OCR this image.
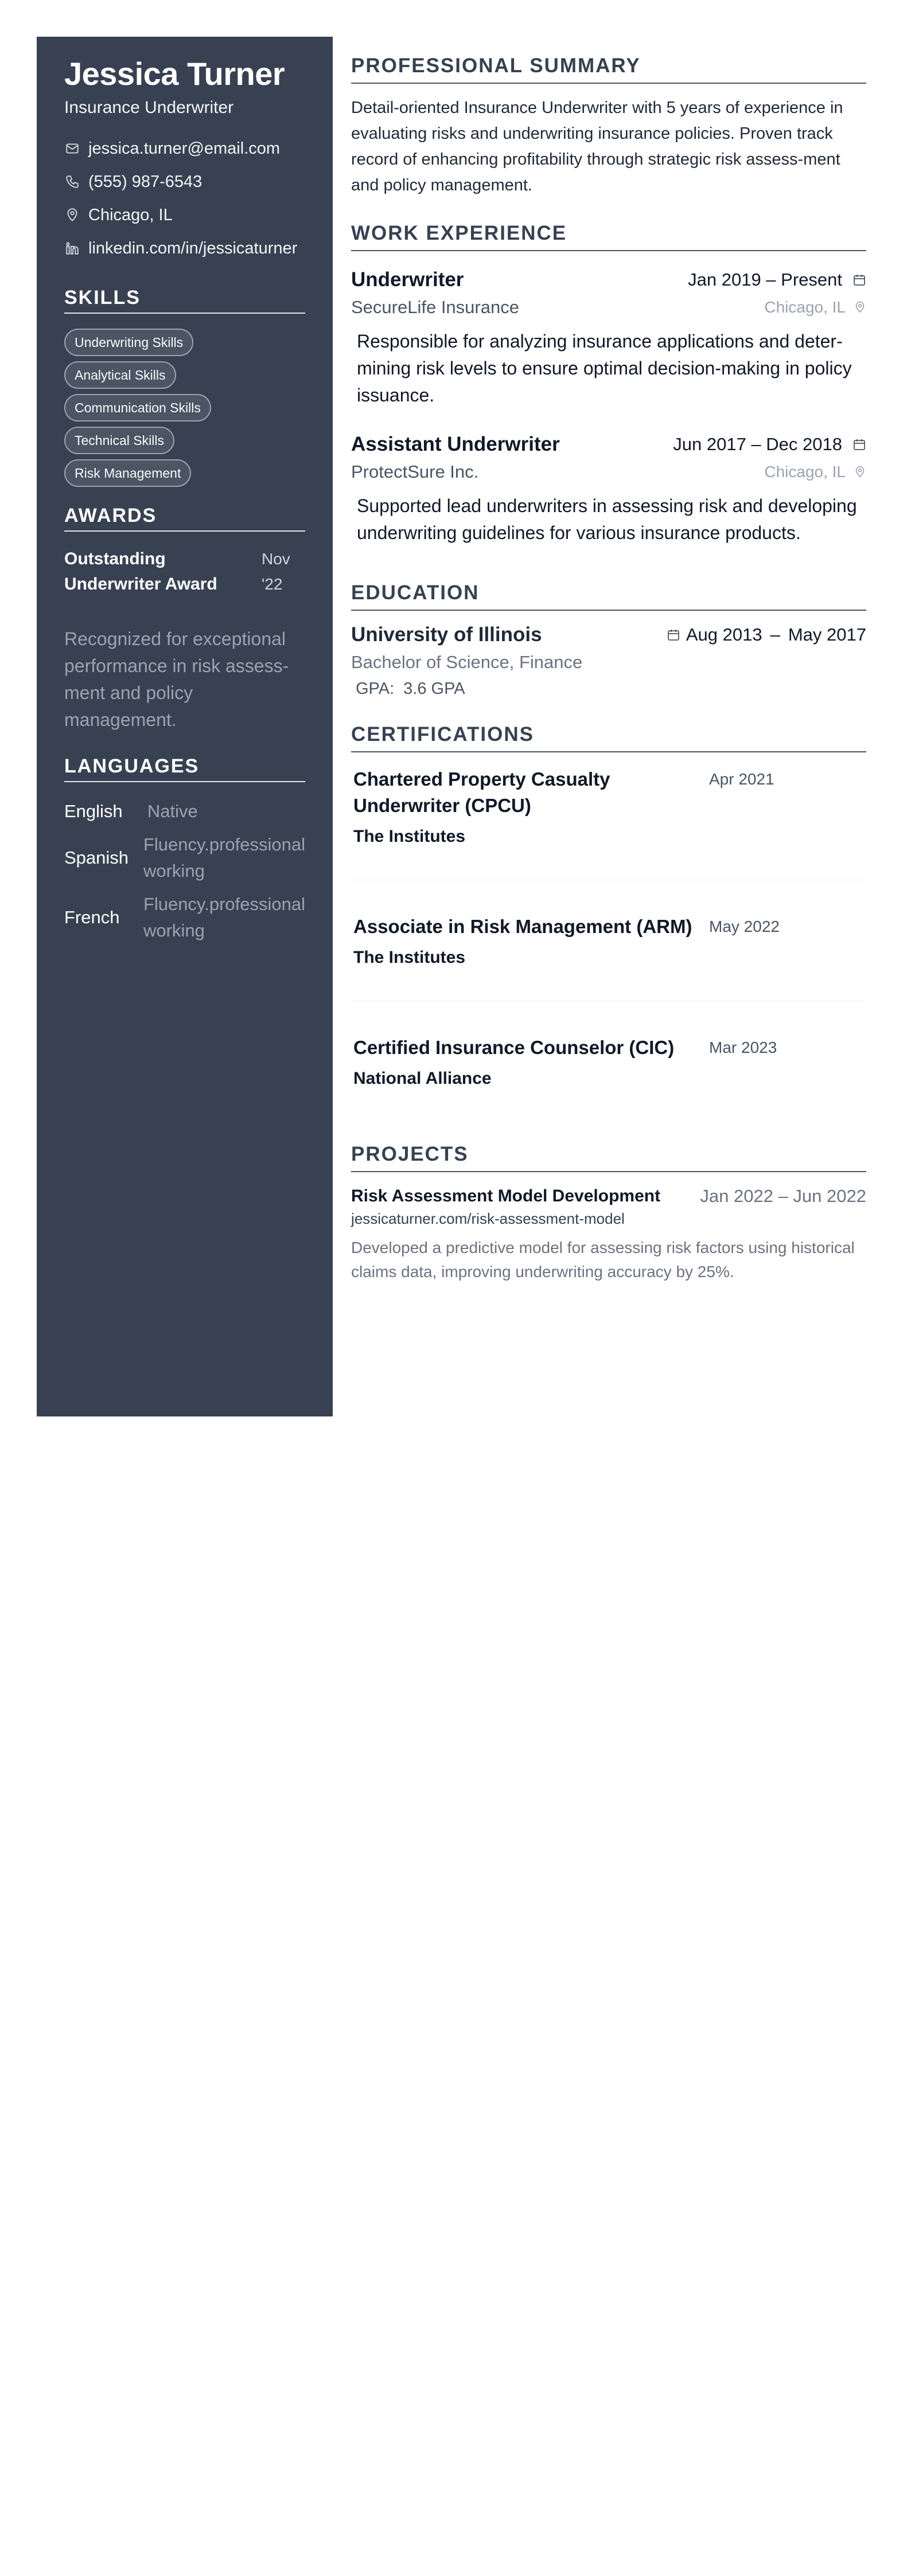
Jessica Turner
Insurance Underwriter
jessica.turner@email.com
(555) 987-6543
Chicago, IL
linkedin.com/in/jessicaturner
SKILLS
Underwriting Skills
Analytical Skills
Communication Skills
Technical Skills
Risk Management
AWARDS
Outstanding Underwriter Award
Nov '22
Recognized for exceptional performance in risk assess-ment and policy management.
LANGUAGES
English	Native
Spanish
Fluency.professional working
French
Fluency.professional working
PROFESSIONAL SUMMARY

Detail-oriented Insurance Underwriter with 5 years of experience in evaluating risks and underwriting insurance policies. Proven track record of enhancing profitability through strategic risk assess-ment and policy management.

WORK EXPERIENCE
Underwriter	Jan 2019 – Present
SecureLife Insurance	Chicago, IL

Responsible for analyzing insurance applications and deter-mining risk levels to ensure optimal decision-making in policy issuance.

Assistant Underwriter	Jun 2017 – Dec 2018
ProtectSure Inc.	Chicago, IL

Supported lead underwriters in assessing risk and developing underwriting guidelines for various insurance products.

EDUCATION
University of Illinois	Aug 2013 – May 2017
Bachelor of Science, Finance
GPA: 3.6 GPA
CERTIFICATIONS
Chartered Property Casualty Underwriter (CPCU)
The Institutes
Apr 2021
Associate in Risk Management (ARM)
The Institutes
May 2022
Certified Insurance Counselor (CIC)
National Alliance
Mar 2023
PROJECTS
Risk Assessment Model Development Jan 2022 – Jun 2022
jessicaturner.com/risk-assessment-model

Developed a predictive model for assessing risk factors using historical claims data, improving underwriting accuracy by 25%.
